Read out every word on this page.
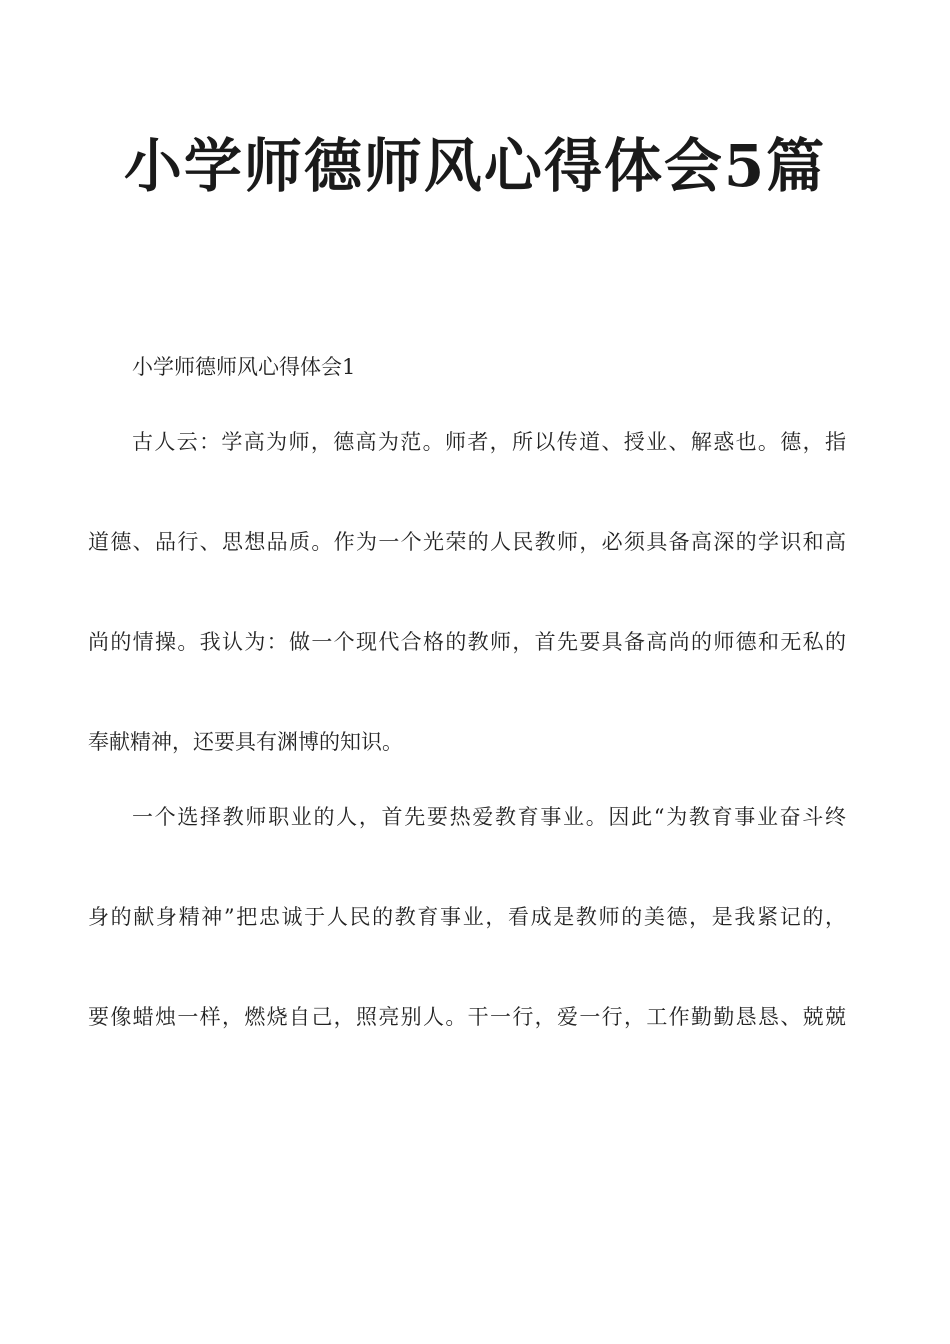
小学师德师风心得体会5篇
小学师德师风心得体会1
古人云：学高为师，德高为范。师者，所以传道、授业、解惑也。德，指
道德、品行、思想品质。作为一个光荣的人民教师，必须具备高深的学识和高
尚的情操。我认为：做一个现代合格的教师，首先要具备高尚的师德和无私的
奉献精神，还要具有渊博的知识。
一个选择教师职业的人，首先要热爱教育事业。因此“为教育事业奋斗终
身的献身精神”把忠诚于人民的教育事业，看成是教师的美德，是我紧记的，
要像蜡烛一样，燃烧自己，照亮别人。干一行，爱一行，工作勤勤恳恳、兢兢
